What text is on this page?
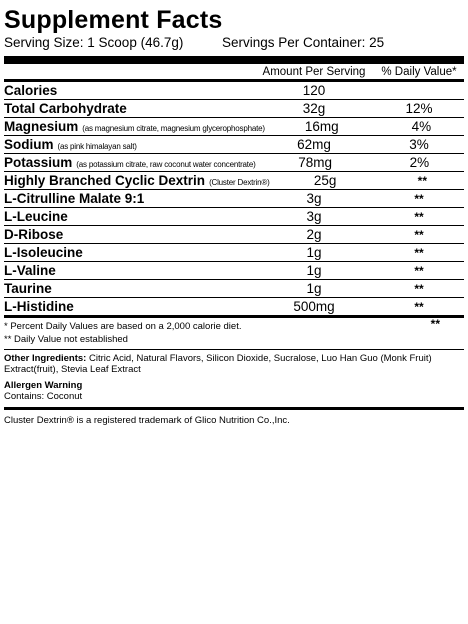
Supplement Facts
Serving Size: 1 Scoop (46.7g)	Servings Per Container: 25
Amount Per Serving	% Daily Value*
Calories	120
Total Carbohydrate	32g	12%
Magnesium (as magnesium citrate, magnesium glycerophosphate)	16mg	4%
Sodium (as pink himalayan salt)	62mg	3%
Potassium (as potassium citrate, raw coconut water concentrate)	78mg	2%
Highly Branched Cyclic Dextrin (Cluster Dextrin®)	25g	**
L-Citrulline Malate 9:1	3g	**
L-Leucine	3g	**
D-Ribose	2g	**
L-Isoleucine	1g	**
L-Valine	1g	**
Taurine	1g	**
L-Histidine	500mg	**
* Percent Daily Values are based on a 2,000 calorie diet.
** Daily Value not established
**
Other Ingredients: Citric Acid, Natural Flavors, Silicon Dioxide, Sucralose, Luo Han Guo (Monk Fruit) Extract(fruit), Stevia Leaf Extract
Allergen Warning
Contains: Coconut
Cluster Dextrin® is a registered trademark of Glico Nutrition Co.,Inc.
